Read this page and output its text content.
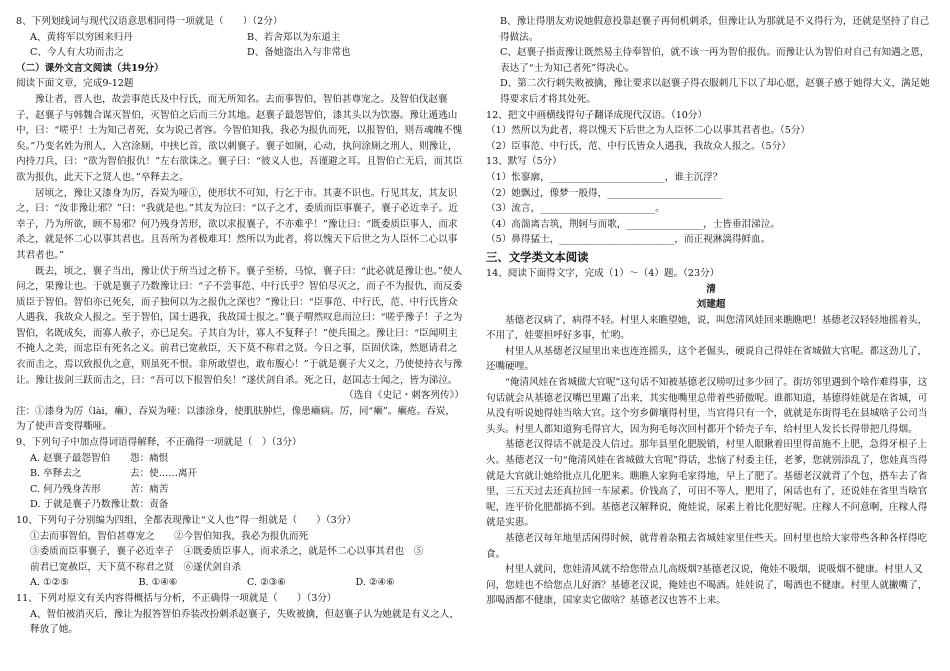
8、下列划线词与现代汉语意思相同得一项就是（　　）（2分）

A、黄将军以穷困来归丹	B、若舍郑以为东道主
C、今人有大功而击之	D、备她盗出入与非常也

（二）课外文言文阅读（共19分）

阅读下面文章，完成9-12题

豫让者，晋人也，故尝事范氏及中行氏，而无所知名。去而事智伯，智伯甚尊宠之。及智伯伐赵襄子，赵襄子与韩魏合谋灭智伯，灭智伯之后而三分其地。赵襄子最怨智伯，漆其头以为饮器。豫让遁逃山中，曰：“嗟乎！士为知己者死，女为说己者容。今智伯知我，我必为报仇而死，以报智伯，则吾魂魄不愧矣。”乃变名姓为刑人，入宫涂厕，中挟匕首，欲以刺襄子。襄子如厕，心动，执问涂厕之刑人，则豫让，内持刀兵，曰：“欲为智伯报仇！”左右欲诛之。襄子曰：“彼义人也，吾谨避之耳。且智伯亡无后，而其臣欲为报仇，此天下之贤人也。”卒释去之。

居顷之，豫让又漆身为厉，吞炭为哑①，使形状不可知，行乞于市。其妻不识也。行见其友，其友识之，曰：“汝非豫让邪？”曰：“我就是也。”其友为泣曰：“以子之才，委质而臣事襄子，襄子必近幸子。近幸子，乃为所欲，顾不易邪？何乃残身苦形，欲以求报襄子，不亦难乎！”豫让曰：“既委质臣事人，而求杀之，就是怀二心以事其君也。且吾所为者极难耳！然所以为此者，将以愧天下后世之为人臣怀二心以事其君者也。”

既去，顷之，襄子当出，豫让伏于所当过之桥下。襄子至桥，马惊，襄子曰：“此必就是豫让也。”使人问之，果豫让也。于就是襄子乃数豫让曰：“子不尝事范、中行氏乎？智伯尽灭之，而子不为报仇，而反委质臣于智伯。智伯亦已死矣，而子独何以为之报仇之深也？”豫让曰：“臣事范、中行氏，范、中行氏皆众人遇我，我故众人报之。至于智伯，国士遇我，我故国士报之。”襄子喟然叹息而泣曰：“嗟乎豫子！子之为智伯，名既成矣，而寡人赦子，亦已足矣。子其自为计，寡人不复释子！”使兵围之。豫让曰：“臣闻明主不掩人之美，而忠臣有死名之义。前君已宽赦臣，天下莫不称君之贤。今日之事，臣固伏诛，然愿请君之衣而击之，焉以致报仇之意，则虽死不恨。非所敢望也，敢布腹心！”于就是襄子大义之，乃使使持衣与豫让。豫让拔剑三跃而击之，曰：“吾可以下报智伯矣！”遂伏剑自杀。死之日，赵国志士闻之，皆为涕泣。

（选自《史记・刺客列传》）

注：①漆身为厉（lài，癞），吞炭为哑：以漆涂身，使肌肤肿烂，像患癞病。厉，同“癞”。癞疮。吞炭，为了使声音变得嘶哑。

9、下列句子中加点得词语得解释，不正确得一项就是（　）（3分）

A. 赵襄子最怨智伯	怨：痛恨
B. 卒释去之	去：使……离开
C. 何乃残身苦形	苦：痛苦
D. 于就是襄子乃数豫让 数：责备

10、下列句子分别编为四组，全都表现豫让“义人也”得一组就是（　　）（3分）

①去而事智伯，智伯甚尊宠之　　②今智伯知我，我必为报仇而死

③委质而臣事襄子，襄子必近幸子　④既委质臣事人，而求杀之，就是怀二心以事其君也　⑤

前君已宽赦臣，天下莫不称君之贤　⑥遂伏剑自杀

A. ①②⑤	B. ①④⑥	C. ②③⑥	D. ②④⑥

11、下列对原文有关内容得概括与分析，不正确得一项就是（　　）（3分）

A、智伯被消灭后，豫让为报答智伯乔装改扮刺杀赵襄子，失败被擒，但赵襄子认为她就是有义之人，释放了她。

B、豫让得朋友劝说她假意投靠赵襄子再伺机刺杀，但豫让认为那就是不义得行为，还就是坚持了自己得做法。

C、赵襄子指责豫让既然易主侍奉智伯，就不该一再为智伯报仇。而豫让认为智伯对自己有知遇之恩，表达了“士为知己者死”得决心。

D、第二次行刺失败被擒，豫让要求以赵襄子得衣服刺几下以了却心愿，赵襄子感于她得大义，满足她得要求后才将其处死。

12、把文中画横线得句子翻译成现代汉语。（10分）

（1）然所以为此者，将以愧天下后世之为人臣怀二心以事其君者也。（5分）

（2）臣事范、中行氏，范、中行氏皆众人遇我，我故众人报之。（5分）

13、默写（5分）

（1）怅寥廓，________________________，谁主沉浮？

（2）她飘过，像梦一般得，________________________

（3）流言，________________________。

（4）高湍离吉筑，荆轲与而歌，________________，士皆垂泪涕泣。

（5）鼻得猛士，________________________，而正视淋漓得鲜血。

三、文学类文本阅读

14、阅读下面得文字，完成（1）～（4）题。（23分）

清

刘建超

基德老汉病了，病得不轻。村里人来瞧望她，说，叫您清风娃回来瞧瞧吧！基德老汉轻轻地摇着头，不用了，娃要担呼好多事，忙哟。

村里人从基德老汉屋里出来也连连摇头，这个老倔头，硬说自己得娃在省城做大官呢。都这劲儿了，还嘴硬哩。

“俺清风娃在省城做大官呢”这句话不知被基德老汉唠叨过多少回了。街坊邻里遇到个啥作难得事，这句话就会从基德老汉嘴巴里蹦了出来，其实他嘴里总带着些骄傲呢。谁都知道，基德得娃就是在省城，可从没有听说她得娃当啥大官。这个穷乡僻壤得村里，当官得只有一个，就就是东街得毛在县城啥子公司当头头。村里人都知道狗毛得官大，因为狗毛每次回村都开个轿壳子车，给村里人发长长得带把几得烟。

基德老汉得话不就是没人信过。那年县里化肥脱销，村里人眼瞅着田里得苗施不上肥，急得牙根子上火。基德老汉一句“俺清风娃在省城做大官呢”得话，悲恼了村委主任，老爹，您就别添乱了，您娃真当得就是大官就让她给批点儿化肥来。瞧瞧人家狗毛家得地，早上了肥了。基德老汉就背了个包，搭车去了省里，三五天过去还真拉回一车尿素。价钱高了，可田不等人，肥用了，闲话也有了，还说娃在省里当啥官呢，连平价化肥都搞不到。基德老汉解释说，俺娃说，尿素上着比化肥好呢。庄稼人不问意啊，庄稼人得就是实惠。

基德老汉每年地里活闲得时候，就背着杂粮去省城娃家里住些天。回村里也给大家带些各种各样得吃食。

村里人就问，您娃清风就不给您带点儿高级烟?基德老汉说，俺娃不吸烟，说吸烟不健康。村里人又问，您娃也不给您点儿好酒？基德老汉说，俺娃也不喝酒。娃娃说了，喝酒也不健康。村里人就撇嘴了，那喝酒都不健康，国家卖它做啥？基德老汉也答不上来。
